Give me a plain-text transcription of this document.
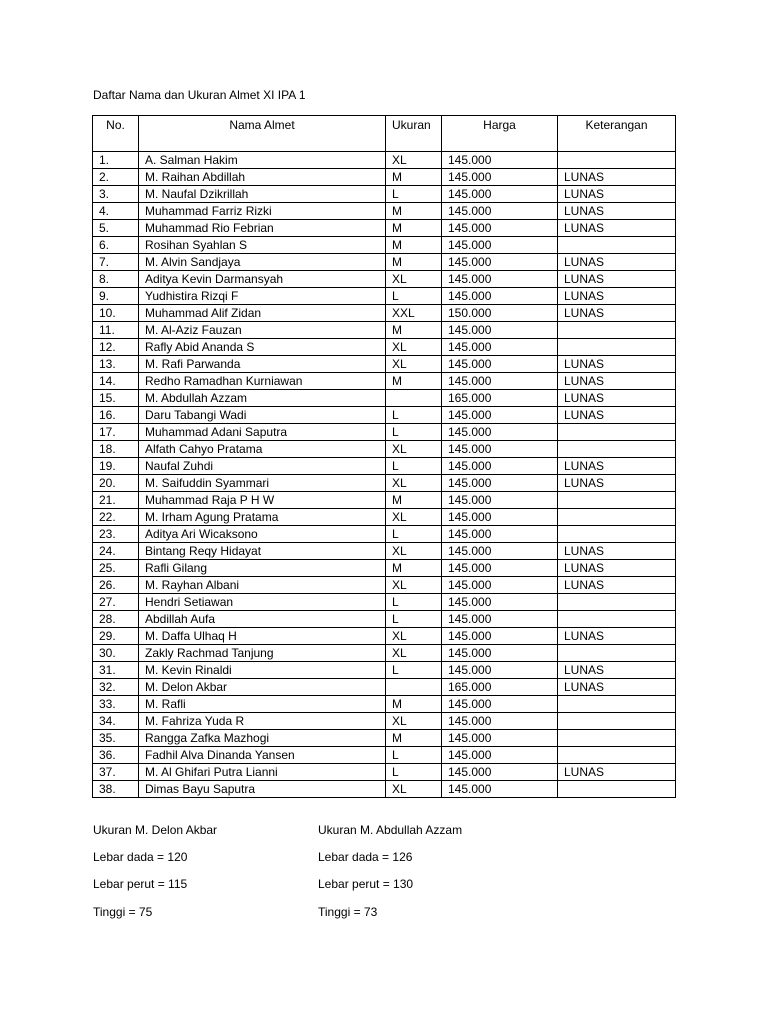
Daftar Nama dan Ukuran Almet XI IPA 1
No.	Nama Almet	Ukuran	Harga	Keterangan
1.	A. Salman Hakim	XL	145.000	
2.	M. Raihan Abdillah	M	145.000	LUNAS
3.	M. Naufal Dzikrillah	L	145.000	LUNAS
4.	Muhammad Farriz Rizki	M	145.000	LUNAS
5.	Muhammad Rio Febrian	M	145.000	LUNAS
6.	Rosihan Syahlan S	M	145.000	
7.	M. Alvin Sandjaya	M	145.000	LUNAS
8.	Aditya Kevin Darmansyah	XL	145.000	LUNAS
9.	Yudhistira Rizqi F	L	145.000	LUNAS
10.	Muhammad Alif Zidan	XXL	150.000	LUNAS
11.	M. Al-Aziz Fauzan	M	145.000	
12.	Rafly Abid Ananda S	XL	145.000	
13.	M. Rafi Parwanda	XL	145.000	LUNAS
14.	Redho Ramadhan Kurniawan	M	145.000	LUNAS
15.	M. Abdullah Azzam		165.000	LUNAS
16.	Daru Tabangi Wadi	L	145.000	LUNAS
17.	Muhammad Adani Saputra	L	145.000	
18.	Alfath Cahyo Pratama	XL	145.000	
19.	Naufal Zuhdi	L	145.000	LUNAS
20.	M. Saifuddin Syammari	XL	145.000	LUNAS
21.	Muhammad Raja P H W	M	145.000	
22.	M. Irham Agung Pratama	XL	145.000	
23.	Aditya Ari Wicaksono	L	145.000	
24.	Bintang Reqy Hidayat	XL	145.000	LUNAS
25.	Rafli Gilang	M	145.000	LUNAS
26.	M. Rayhan Albani	XL	145.000	LUNAS
27.	Hendri Setiawan	L	145.000	
28.	Abdillah Aufa	L	145.000	
29.	M. Daffa Ulhaq H	XL	145.000	LUNAS
30.	Zakly Rachmad Tanjung	XL	145.000	
31.	M. Kevin Rinaldi	L	145.000	LUNAS
32.	M. Delon Akbar		165.000	LUNAS
33.	M. Rafli	M	145.000	
34.	M. Fahriza Yuda R	XL	145.000	
35.	Rangga Zafka Mazhogi	M	145.000	
36.	Fadhil Alva Dinanda Yansen	L	145.000	
37.	M. Al Ghifari Putra Lianni	L	145.000	LUNAS
38.	Dimas Bayu Saputra	XL	145.000	
Ukuran M. Delon Akbar
Lebar dada = 120
Lebar perut = 115
Tinggi = 75
Ukuran M. Abdullah Azzam
Lebar dada = 126
Lebar perut = 130
Tinggi = 73
